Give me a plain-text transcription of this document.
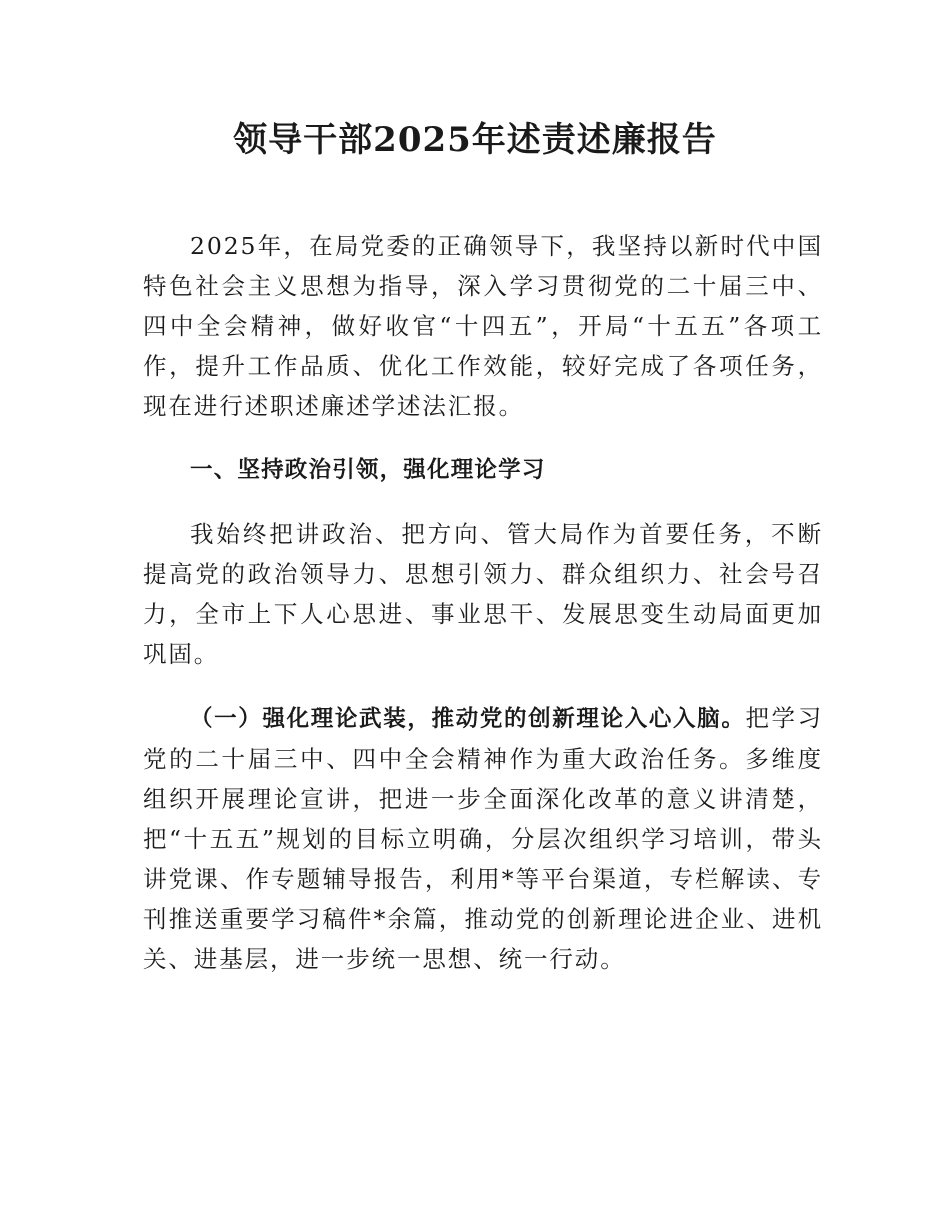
领导干部2025年述责述廉报告

2025年，在局党委的正确领导下，我坚持以新时代中国特色社会主义思想为指导，深入学习贯彻党的二十届三中、四中全会精神，做好收官“十四五”，开局“十五五”各项工作，提升工作品质、优化工作效能，较好完成了各项任务，现在进行述职述廉述学述法汇报。

一、坚持政治引领，强化理论学习

我始终把讲政治、把方向、管大局作为首要任务，不断提高党的政治领导力、思想引领力、群众组织力、社会号召力，全市上下人心思进、事业思干、发展思变生动局面更加巩固。

（一）强化理论武装，推动党的创新理论入心入脑。把学习党的二十届三中、四中全会精神作为重大政治任务。多维度组织开展理论宣讲，把进一步全面深化改革的意义讲清楚，把“十五五”规划的目标立明确，分层次组织学习培训，带头讲党课、作专题辅导报告，利用*等平台渠道，专栏解读、专刊推送重要学习稿件*余篇，推动党的创新理论进企业、进机关、进基层，进一步统一思想、统一行动。
